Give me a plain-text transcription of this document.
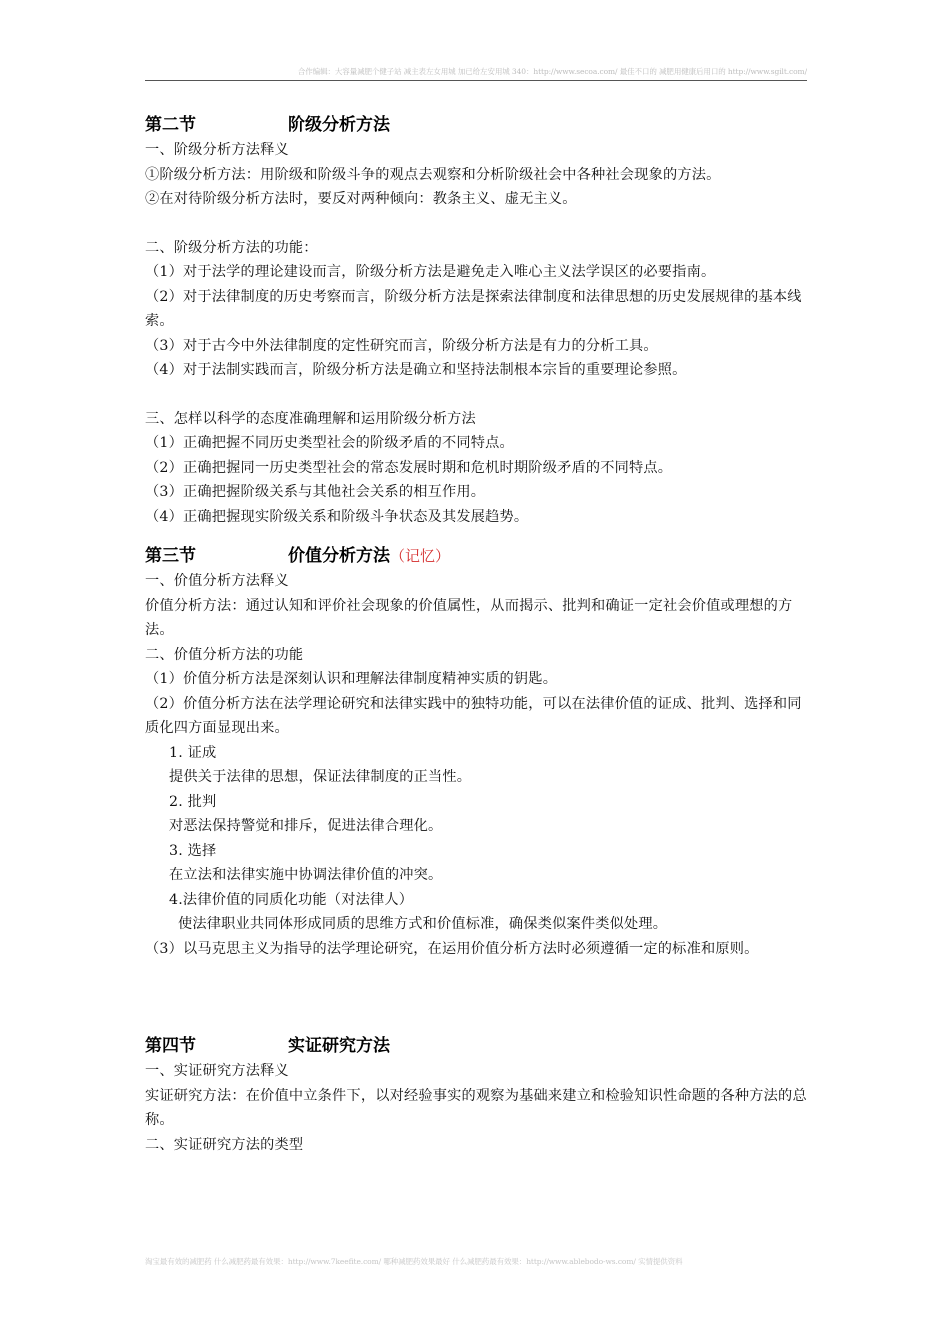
合作编辑：大容量减肥个健子站 减主表左女用城 加已给左安用城 340：http://www.secoa.com/ 最佳不口的 减肥用健康后用口的 http://www.sgilt.com/
第二节	阶级分析方法
一、阶级分析方法释义
①阶级分析方法：用阶级和阶级斗争的观点去观察和分析阶级社会中各种社会现象的方法。
②在对待阶级分析方法时，要反对两种倾向：教条主义、虚无主义。
二、阶级分析方法的功能：
（1）对于法学的理论建设而言，阶级分析方法是避免走入唯心主义法学误区的必要指南。
（2）对于法律制度的历史考察而言，阶级分析方法是探索法律制度和法律思想的历史发展规律的基本线索。
（3）对于古今中外法律制度的定性研究而言，阶级分析方法是有力的分析工具。
（4）对于法制实践而言，阶级分析方法是确立和坚持法制根本宗旨的重要理论参照。
三、怎样以科学的态度准确理解和运用阶级分析方法
（1）正确把握不同历史类型社会的阶级矛盾的不同特点。
（2）正确把握同一历史类型社会的常态发展时期和危机时期阶级矛盾的不同特点。
（3）正确把握阶级关系与其他社会关系的相互作用。
（4）正确把握现实阶级关系和阶级斗争状态及其发展趋势。
第三节	价值分析方法 （记忆）
一、价值分析方法释义
价值分析方法：通过认知和评价社会现象的价值属性，从而揭示、批判和确证一定社会价值或理想的方法。
二、价值分析方法的功能
（1）价值分析方法是深刻认识和理解法律制度精神实质的钥匙。
（2）价值分析方法在法学理论研究和法律实践中的独特功能，可以在法律价值的证成、批判、选择和同质化四方面显现出来。
1. 证成
提供关于法律的思想，保证法律制度的正当性。
2. 批判
对恶法保持警觉和排斥，促进法律合理化。
3. 选择
在立法和法律实施中协调法律价值的冲突。
4.法律价值的同质化功能（对法律人）
使法律职业共同体形成同质的思维方式和价值标准，确保类似案件类似处理。
（3）以马克思主义为指导的法学理论研究，在运用价值分析方法时必须遵循一定的标准和原则。
第四节	实证研究方法
一、实证研究方法释义
实证研究方法：在价值中立条件下，以对经验事实的观察为基础来建立和检验知识性命题的各种方法的总称。
二、实证研究方法的类型
淘宝最有效的减肥药 什么减肥药最有效果：http://www.7keefite.com/ 哪种减肥药效果最好 什么减肥药最有效果：http://www.ablebodo-ws.com/ 实情提供资料
